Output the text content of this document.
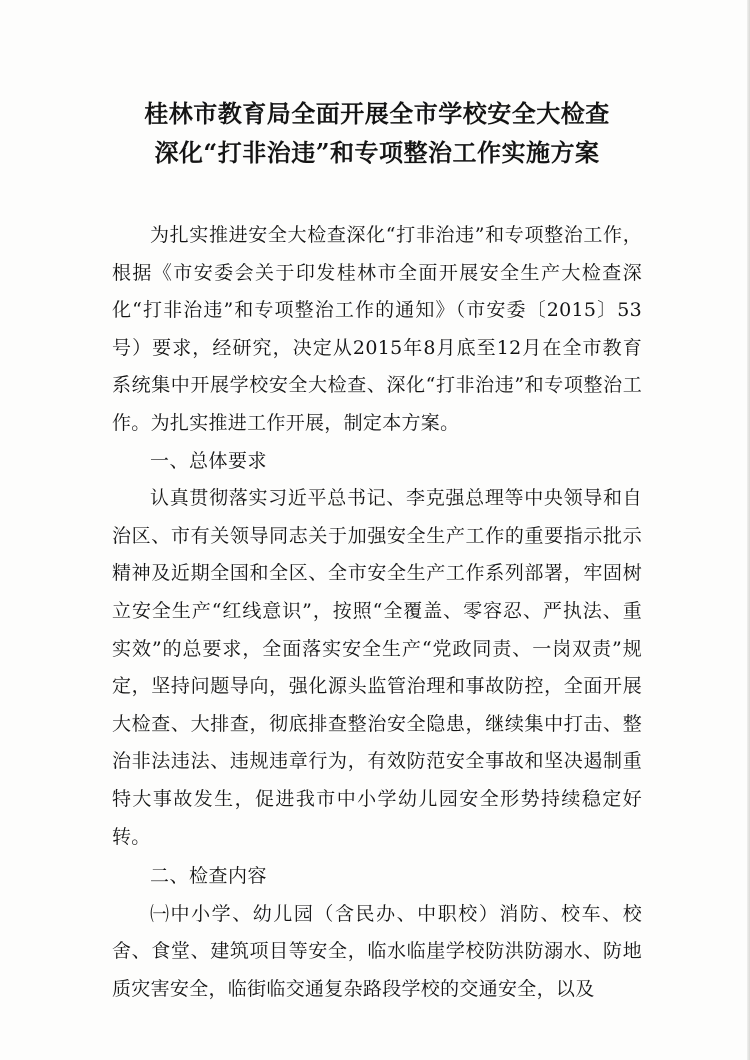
桂林市教育局全面开展全市学校安全大检查
深化“打非治违”和专项整治工作实施方案

为扎实推进安全大检查深化“打非治违”和专项整治工作，根据《市安委会关于印发桂林市全面开展安全生产大检查深化“打非治违”和专项整治工作的通知》（市安委〔2015〕53号）要求，经研究，决定从2015年8月底至12月在全市教育系统集中开展学校安全大检查、深化“打非治违”和专项整治工作。为扎实推进工作开展，制定本方案。

一、总体要求

认真贯彻落实习近平总书记、李克强总理等中央领导和自治区、市有关领导同志关于加强安全生产工作的重要指示批示精神及近期全国和全区、全市安全生产工作系列部署，牢固树立安全生产“红线意识”，按照“全覆盖、零容忍、严执法、重实效”的总要求，全面落实安全生产“党政同责、一岗双责”规定，坚持问题导向，强化源头监管治理和事故防控，全面开展大检查、大排查，彻底排查整治安全隐患，继续集中打击、整治非法违法、违规违章行为，有效防范安全事故和坚决遏制重特大事故发生，促进我市中小学幼儿园安全形势持续稳定好转。

二、检查内容

㈠中小学、幼儿园（含民办、中职校）消防、校车、校舍、食堂、建筑项目等安全，临水临崖学校防洪防溺水、防地质灾害安全，临街临交通复杂路段学校的交通安全，以及
